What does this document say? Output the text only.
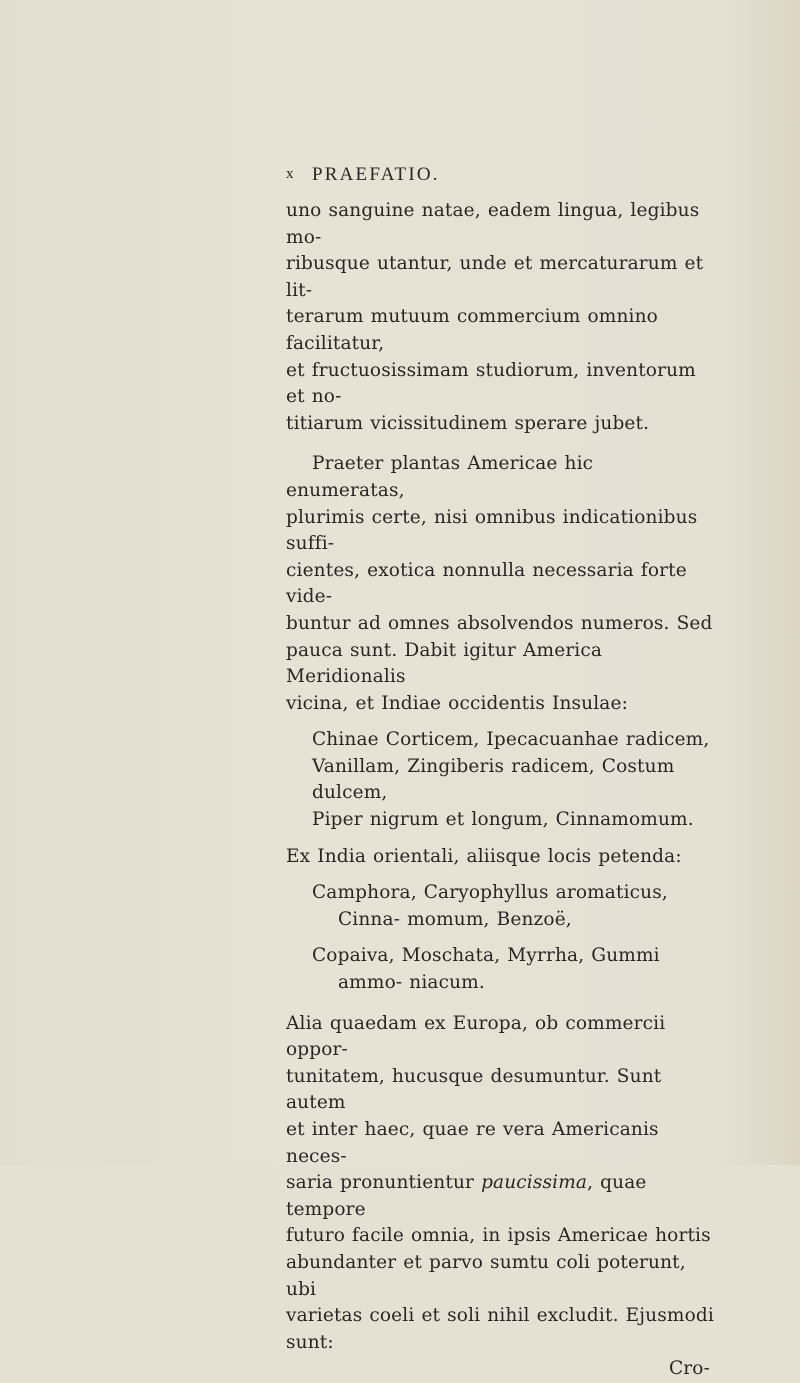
x PRAEFATIO.

uno sanguine natae, eadem lingua, legibus mo-

ribusque utantur, unde et mercaturarum et lit-

terarum mutuum commercium omnino facilitatur,

et fructuosissimam studiorum, inventorum et no-

titiarum vicissitudinem sperare jubet.

Praeter plantas Americae hic enumeratas,

plurimis certe, nisi omnibus indicationibus suffi-

cientes, exotica nonnulla necessaria forte vide-

buntur ad omnes absolvendos numeros. Sed

pauca sunt. Dabit igitur America Meridionalis

vicina, et Indiae occidentis Insulae:

Chinae Corticem, Ipecacuanhae radicem,

Vanillam, Zingiberis radicem, Costum dulcem,

Piper nigrum et longum, Cinnamomum.

Ex India orientali, aliisque locis petenda:

Camphora, Caryophyllus aromaticus, Cinna- momum, Benzoë,

Copaiva, Moschata, Myrrha, Gummi ammo- niacum.

Alia quaedam ex Europa, ob commercii oppor-

tunitatem, hucusque desumuntur. Sunt autem

et inter haec, quae re vera Americanis neces-

saria pronuntientur paucissima, quae tempore

futuro facile omnia, in ipsis Americae hortis

abundanter et parvo sumtu coli poterunt, ubi

varietas coeli et soli nihil excludit. Ejusmodi

sunt:

Cro-
